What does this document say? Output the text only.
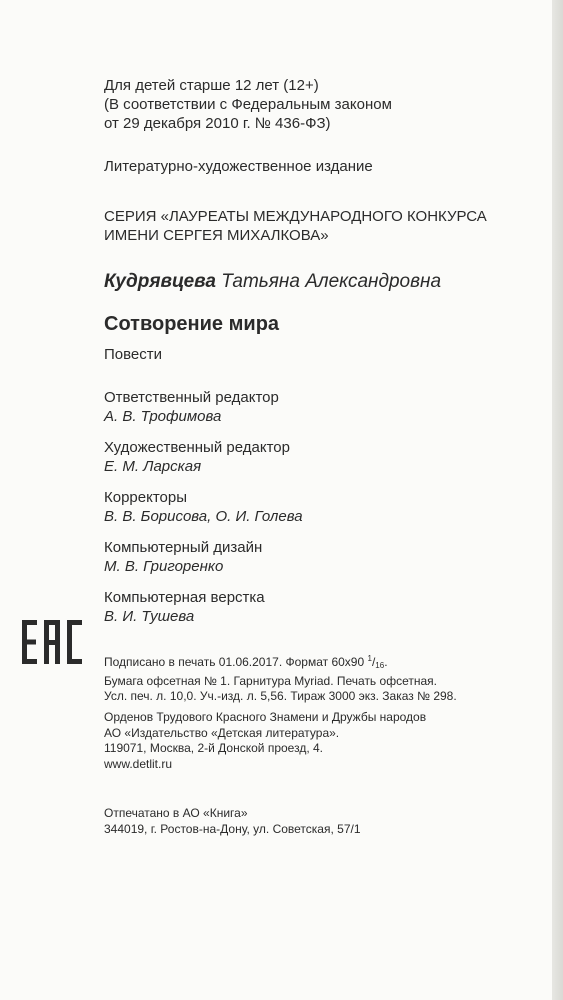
Для детей старше 12 лет (12+)
(В соответствии с Федеральным законом
от 29 декабря 2010 г. № 436-ФЗ)
Литературно-художественное издание
СЕРИЯ «ЛАУРЕАТЫ МЕЖДУНАРОДНОГО КОНКУРСА
ИМЕНИ СЕРГЕЯ МИХАЛКОВА»
Кудрявцева Татьяна Александровна
Сотворение мира
Повести
Ответственный редактор
А. В. Трофимова
Художественный редактор
Е. М. Ларская
Корректоры
В. В. Борисова, О. И. Голева
Компьютерный дизайн
М. В. Григоренко
Компьютерная верстка
В. И. Тушева
Подписано в печать 01.06.2017. Формат 60x90 $^1/_{16}$.
Бумага офсетная № 1. Гарнитура Myriad. Печать офсетная.
Усл. печ. л. 10,0. Уч.-изд. л. 5,56. Тираж 3000 экз. Заказ № 298.
Орденов Трудового Красного Знамени и Дружбы народов
АО «Издательство «Детская литература».
119071, Москва, 2-й Донской проезд, 4.
www.detlit.ru
Отпечатано в АО «Книга»
344019, г. Ростов-на-Дону, ул. Советская, 57/1
